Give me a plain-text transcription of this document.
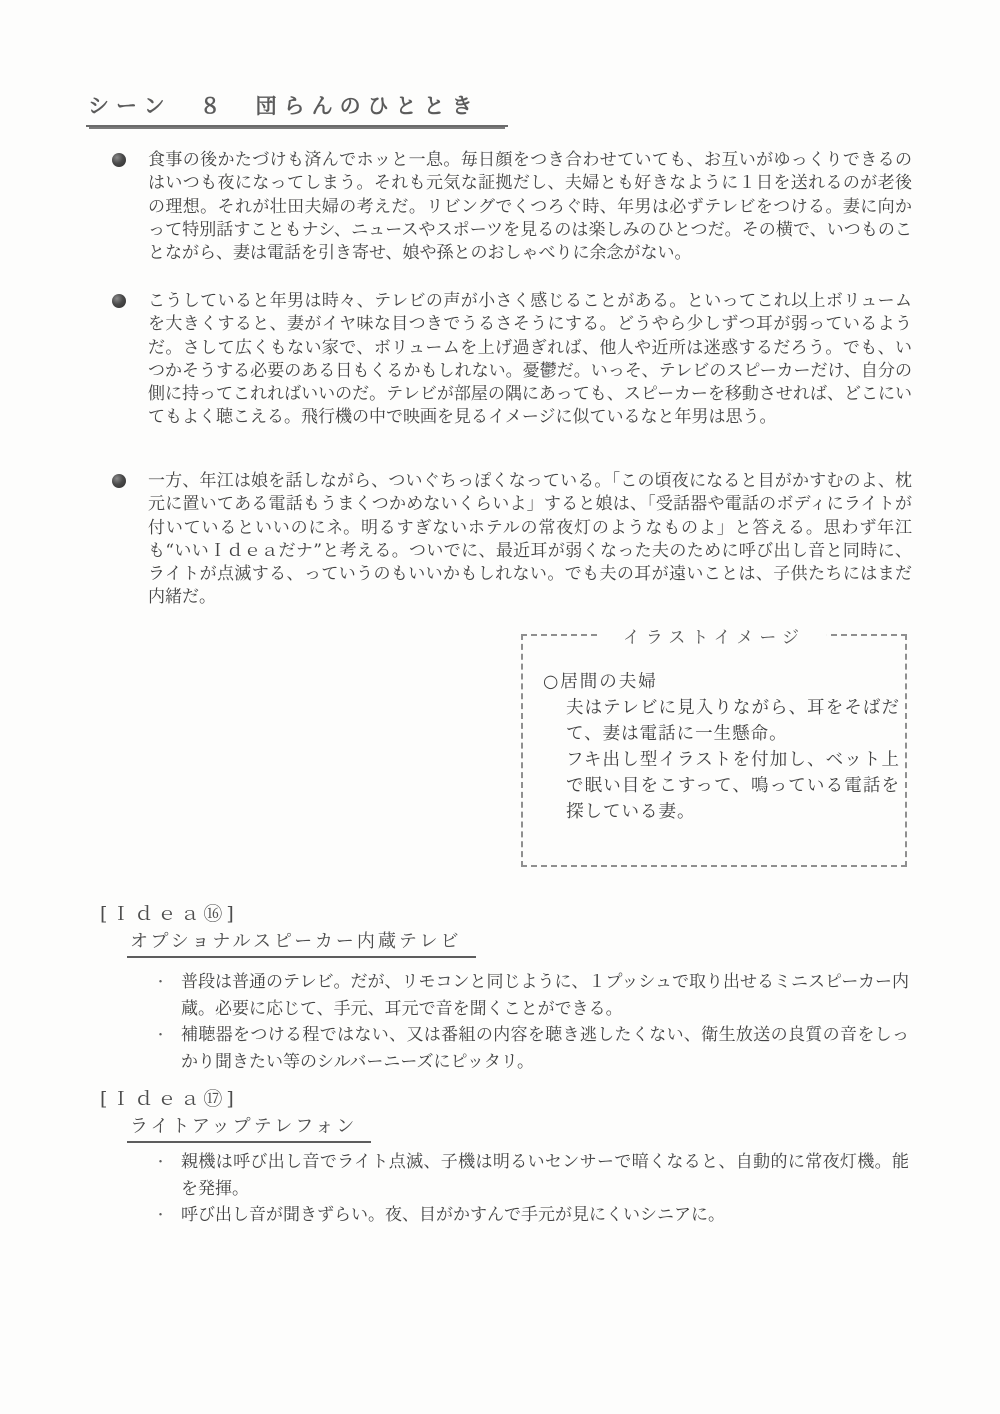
シーン　８　団らんのひととき
食事の後かたづけも済んでホッと一息。毎日顔をつき合わせていても、お互いがゆっくりできるのはいつも夜になってしまう。それも元気な証拠だし、夫婦とも好きなように１日を送れるのが老後の理想。それが壮田夫婦の考えだ。リビングでくつろぐ時、年男は必ずテレビをつける。妻に向かって特別話すこともナシ、ニュースやスポーツを見るのは楽しみのひとつだ。その横で、いつものことながら、妻は電話を引き寄せ、娘や孫とのおしゃべりに余念がない。
こうしていると年男は時々、テレビの声が小さく感じることがある。といってこれ以上ボリュームを大きくすると、妻がイヤ味な目つきでうるさそうにする。どうやら少しずつ耳が弱っているようだ。さして広くもない家で、ボリュームを上げ過ぎれば、他人や近所は迷惑するだろう。でも、いつかそうする必要のある日もくるかもしれない。憂鬱だ。いっそ、テレビのスピーカーだけ、自分の側に持ってこれればいいのだ。テレビが部屋の隅にあっても、スピーカーを移動させれば、どこにいてもよく聴こえる。飛行機の中で映画を見るイメージに似ているなと年男は思う。
一方、年江は娘を話しながら、ついぐちっぽくなっている。「この頃夜になると目がかすむのよ、枕元に置いてある電話もうまくつかめないくらいよ」すると娘は、「受話器や電話のボディにライトが付いているといいのにネ。明るすぎないホテルの常夜灯のようなものよ」と答える。思わず年江も“いいＩｄｅａだナ”と考える。ついでに、最近耳が弱くなった夫のために呼び出し音と同時に、ライトが点滅する、っていうのもいいかもしれない。でも夫の耳が遠いことは、子供たちにはまだ内緒だ。
イラストイメージ
○居間の夫婦
夫はテレビに見入りながら、耳をそばだて、妻は電話に一生懸命。
フキ出し型イラストを付加し、ベット上で眠い目をこすって、鳴っている電話を探している妻。
[Ｉｄｅａ⑯]
オプショナルスピーカー内蔵テレビ
・ 普段は普通のテレビ。だが、リモコンと同じように、１プッシュで取り出せるミニスピーカー内蔵。必要に応じて、手元、耳元で音を聞くことができる。
・ 補聴器をつける程ではない、又は番組の内容を聴き逃したくない、衛生放送の良質の音をしっかり聞きたい等のシルバーニーズにピッタリ。
[Ｉｄｅａ⑰]
ライトアップテレフォン
・ 親機は呼び出し音でライト点滅、子機は明るいセンサーで暗くなると、自動的に常夜灯機。能を発揮。
・ 呼び出し音が聞きずらい。夜、目がかすんで手元が見にくいシニアに。
